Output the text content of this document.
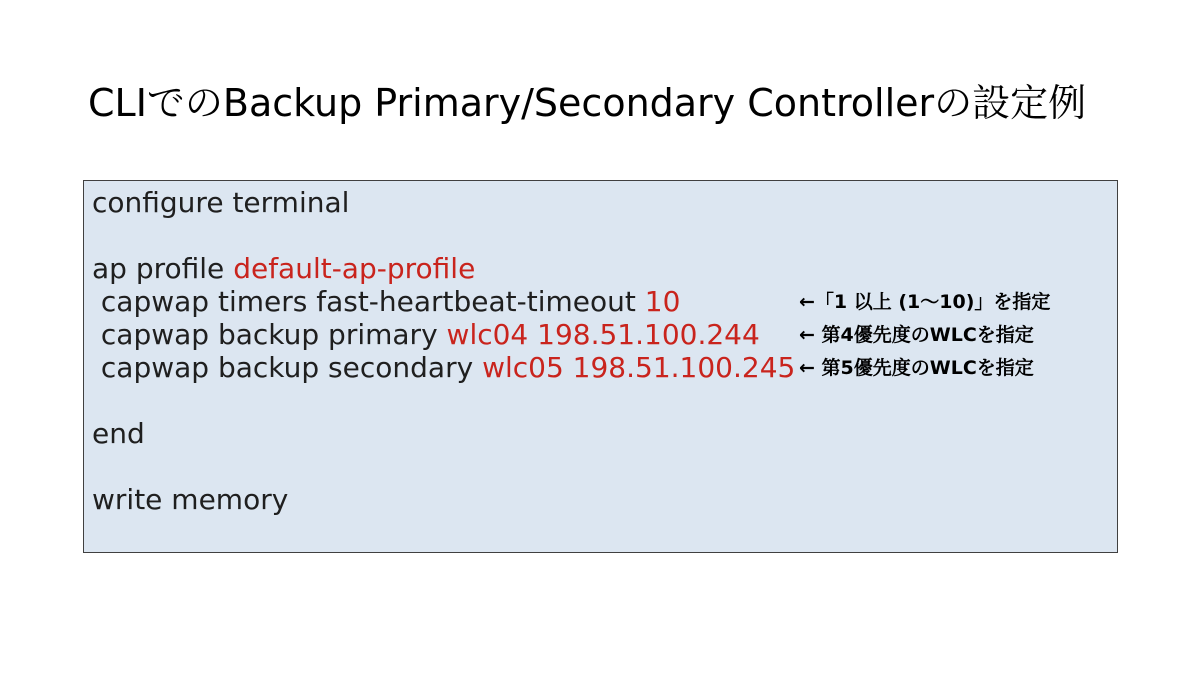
CLIでのBackup Primary/Secondary Controllerの設定例
configure terminal
ap profile default-ap-profile
capwap timers fast-heartbeat-timeout 10	←「1 以上 (1～10)」を指定
capwap backup primary wlc04 198.51.100.244 ← 第4優先度のWLCを指定
capwap backup secondary wlc05 198.51.100.245 ← 第5優先度のWLCを指定
end
write memory
